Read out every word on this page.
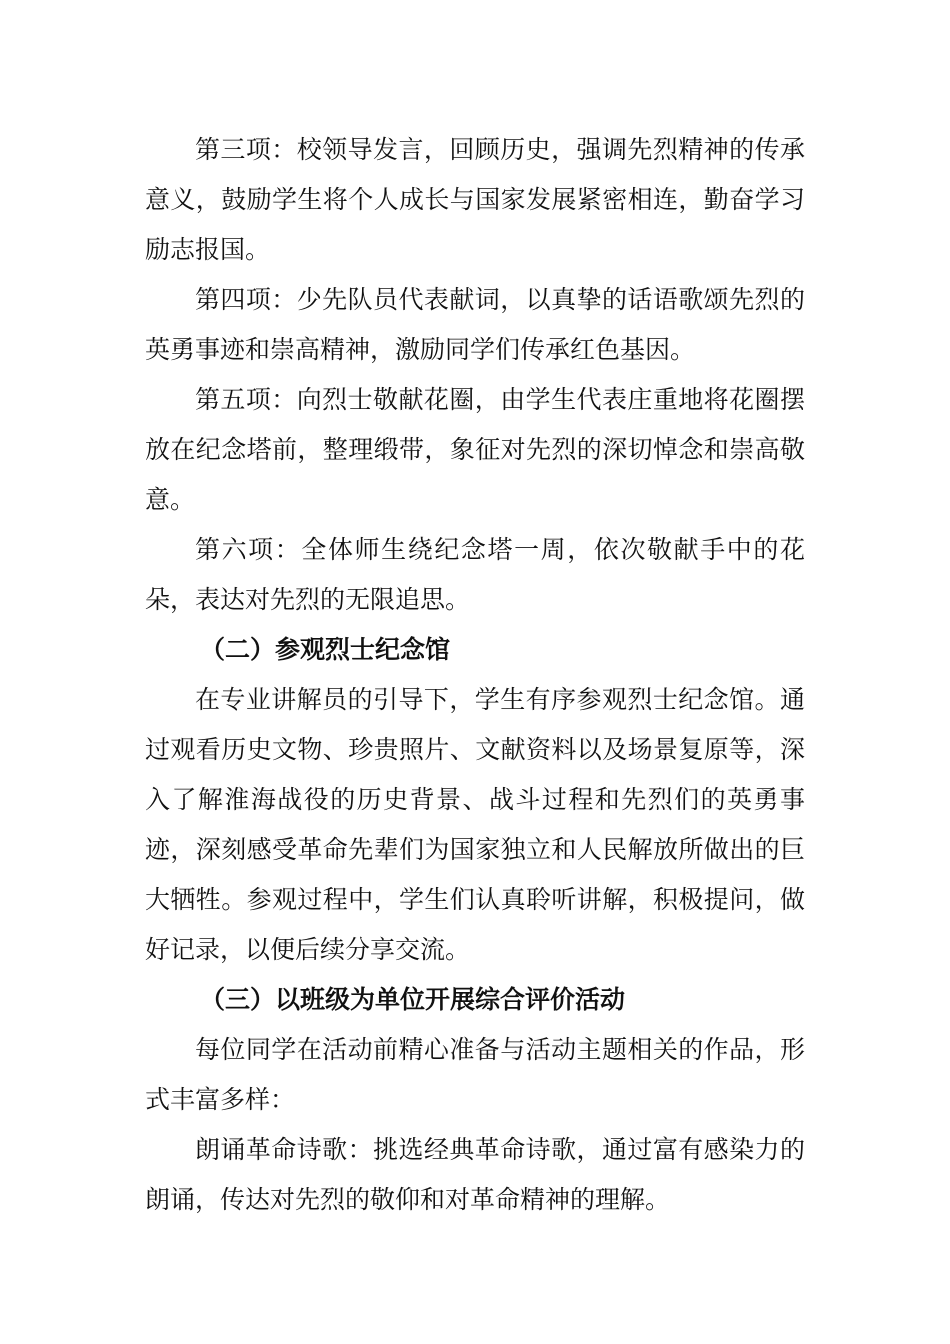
第三项：校领导发言，回顾历史，强调先烈精神的传承意义，鼓励学生将个人成长与国家发展紧密相连，勤奋学习励志报国。

第四项：少先队员代表献词，以真挚的话语歌颂先烈的英勇事迹和崇高精神，激励同学们传承红色基因。

第五项：向烈士敬献花圈，由学生代表庄重地将花圈摆放在纪念塔前，整理缎带，象征对先烈的深切悼念和崇高敬意。

第六项：全体师生绕纪念塔一周，依次敬献手中的花朵，表达对先烈的无限追思。

（二）参观烈士纪念馆

在专业讲解员的引导下，学生有序参观烈士纪念馆。通过观看历史文物、珍贵照片、文献资料以及场景复原等，深入了解淮海战役的历史背景、战斗过程和先烈们的英勇事迹，深刻感受革命先辈们为国家独立和人民解放所做出的巨大牺牲。参观过程中，学生们认真聆听讲解，积极提问，做好记录，以便后续分享交流。

（三）以班级为单位开展综合评价活动

每位同学在活动前精心准备与活动主题相关的作品，形式丰富多样：

朗诵革命诗歌：挑选经典革命诗歌，通过富有感染力的朗诵，传达对先烈的敬仰和对革命精神的理解。
